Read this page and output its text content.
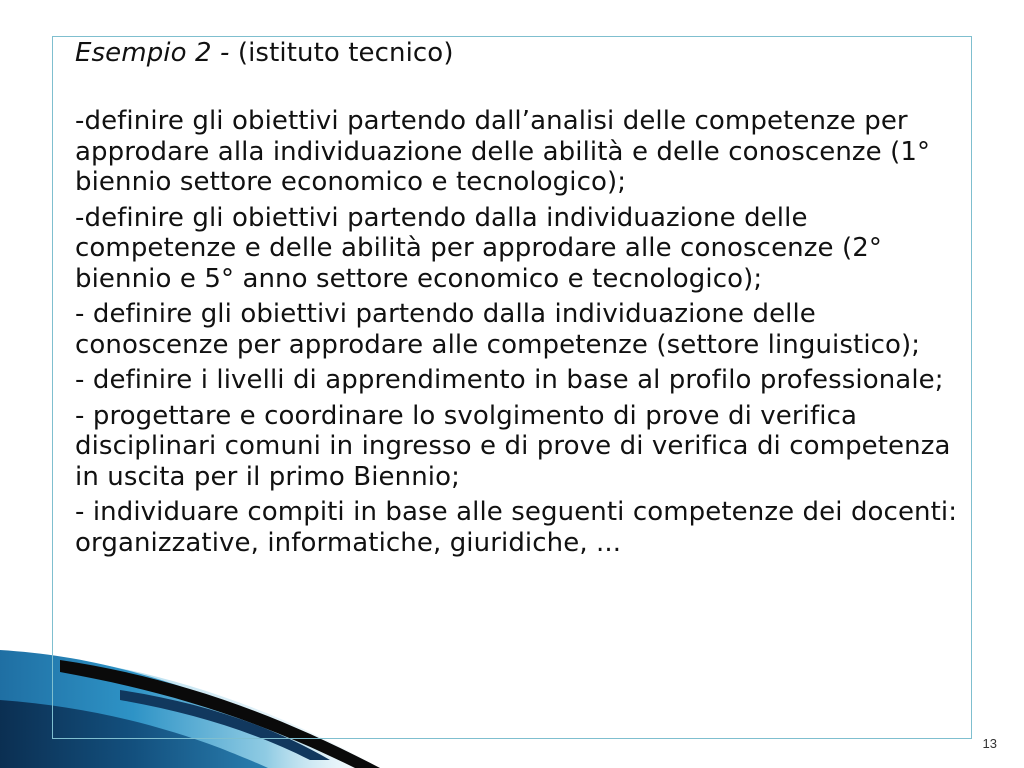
Esempio 2 - (istituto tecnico)

-definire gli obiettivi partendo dall’analisi delle competenze per approdare alla individuazione delle abilità e delle conoscenze (1° biennio settore economico e tecnologico);

-definire gli obiettivi partendo dalla individuazione delle competenze e delle abilità per approdare alle conoscenze (2° biennio e 5° anno settore economico e tecnologico);

- definire gli obiettivi partendo dalla individuazione delle conoscenze per approdare alle competenze (settore linguistico);

- definire i livelli di apprendimento in base al profilo professionale;

- progettare e coordinare lo svolgimento di prove di verifica disciplinari comuni in ingresso e di prove di verifica di competenza in uscita per il primo Biennio;

- individuare compiti in base alle seguenti competenze dei docenti: organizzative, informatiche, giuridiche, ...

13
